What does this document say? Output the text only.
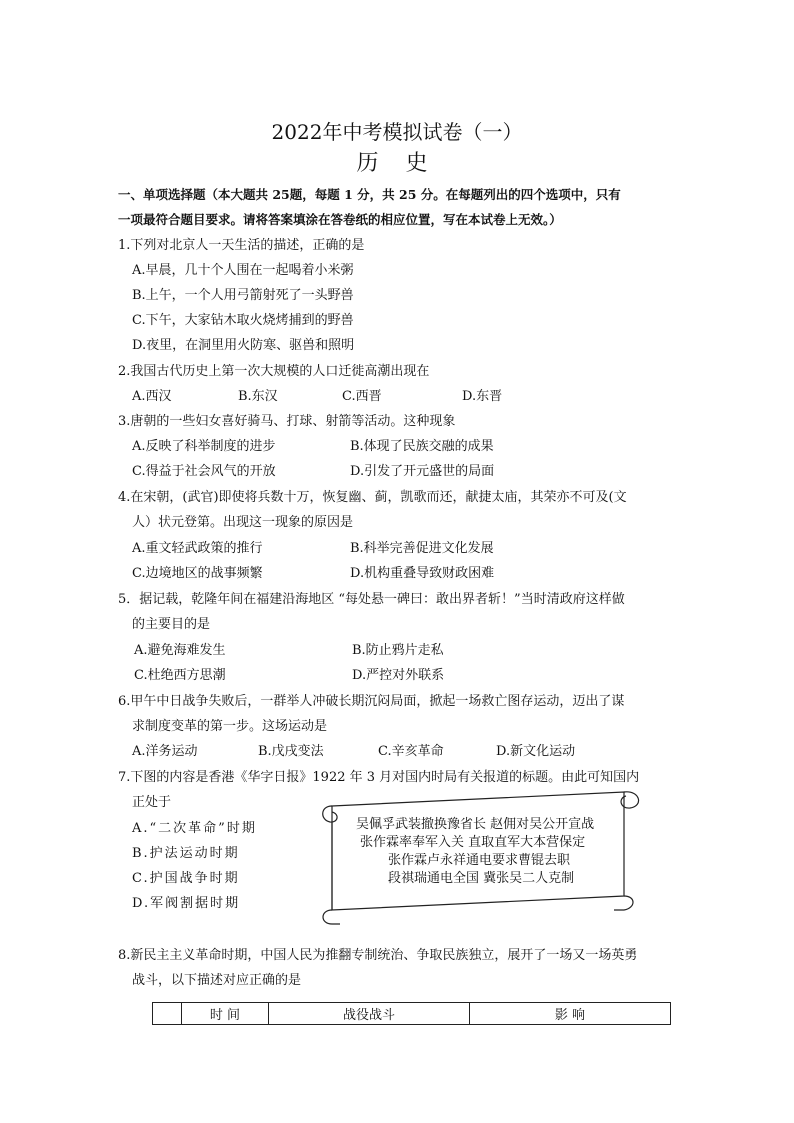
2022年中考模拟试卷（一）
历 史
一、单项选择题（本大题共 25题，每题 1 分，共 25 分。在每题列出的四个选项中，只有
一项最符合题目要求。请将答案填涂在答卷纸的相应位置，写在本试卷上无效。）
1.下列对北京人一天生活的描述，正确的是
A.早晨，几十个人围在一起喝着小米粥
B.上午，一个人用弓箭射死了一头野兽
C.下午，大家钻木取火烧烤捕到的野兽
D.夜里，在洞里用火防寒、驱兽和照明
2.我国古代历史上第一次大规模的人口迁徙高潮出现在
A.西汉	B.东汉	C.西晋	D.东晋
3.唐朝的一些妇女喜好骑马、打球、射箭等活动。这种现象
A.反映了科举制度的进步	B.体现了民族交融的成果
C.得益于社会风气的开放	D.引发了开元盛世的局面
4.在宋朝，(武官)即使将兵数十万，恢复幽、蓟，凯歌而还，献捷太庙，其荣亦不可及(文
人）状元登第。出现这一现象的原因是
A.重文轻武政策的推行	B.科举完善促进文化发展
C.边境地区的战事频繁	D.机构重叠导致财政困难
5．据记载，乾隆年间在福建沿海地区 “每处悬一碑曰：敢出界者斩！”当时清政府这样做
的主要目的是
A.避免海难发生	B.防止鸦片走私
C.杜绝西方思潮	D.严控对外联系
6.甲午中日战争失败后，一群举人冲破长期沉闷局面，掀起一场救亡图存运动，迈出了谋
求制度变革的第一步。这场运动是
A.洋务运动	B.戊戌变法	C.辛亥革命	D.新文化运动
7.下图的内容是香港《华字日报》1922 年 3 月对国内时局有关报道的标题。由此可知国内
正处于
A.“二次革命”时期
B.护法运动时期
C.护国战争时期
D.军阀割据时期
吴佩孚武装撤换豫省长 赵佣对吴公开宣战
张作霖率奉军入关 直取直军大本营保定
张作霖卢永祥通电要求曹锟去职
段祺瑞通电全国 冀张吴二人克制
8.新民主主义革命时期，中国人民为推翻专制统治、争取民族独立，展开了一场又一场英勇
战斗，以下描述对应正确的是
	时 间	战役战斗	影 响
